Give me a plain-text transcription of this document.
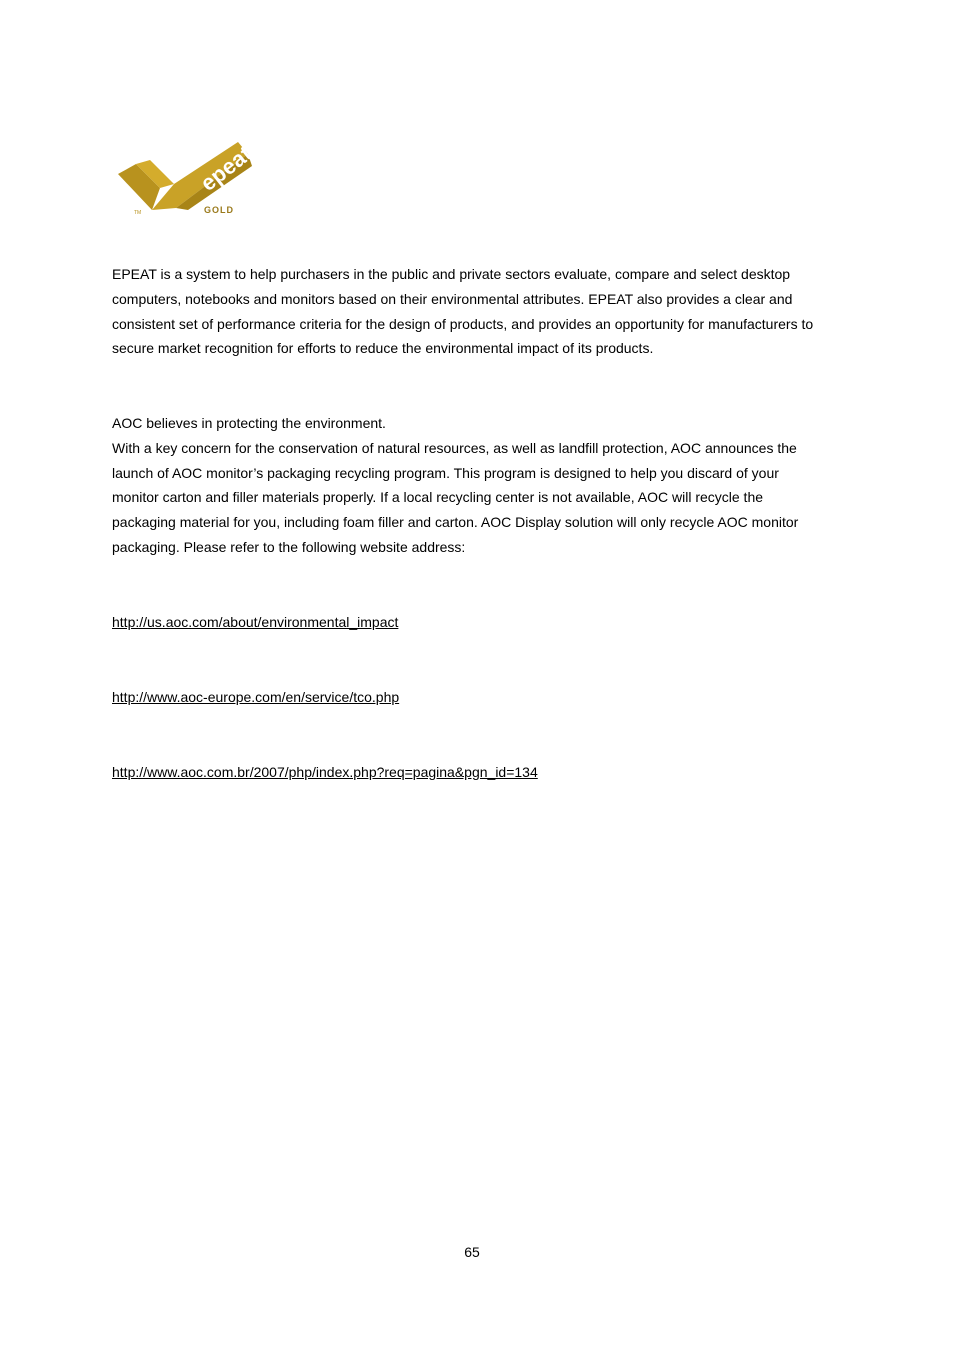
epeat
GOLD
TM
EPEAT is a system to help purchasers in the public and private sectors evaluate, compare and select desktop
computers, notebooks and monitors based on their environmental attributes. EPEAT also provides a clear and
consistent set of performance criteria for the design of products, and provides an opportunity for manufacturers to
secure market recognition for efforts to reduce the environmental impact of its products.
AOC believes in protecting the environment.
With a key concern for the conservation of natural resources, as well as landfill protection, AOC announces the
launch of AOC monitor’s packaging recycling program. This program is designed to help you discard of your
monitor carton and filler materials properly. If a local recycling center is not available, AOC will recycle the
packaging material for you, including foam filler and carton. AOC Display solution will only recycle AOC monitor
packaging. Please refer to the following website address:
http://us.aoc.com/about/environmental_impact
http://www.aoc-europe.com/en/service/tco.php
http://www.aoc.com.br/2007/php/index.php?req=pagina&pgn_id=134
65
